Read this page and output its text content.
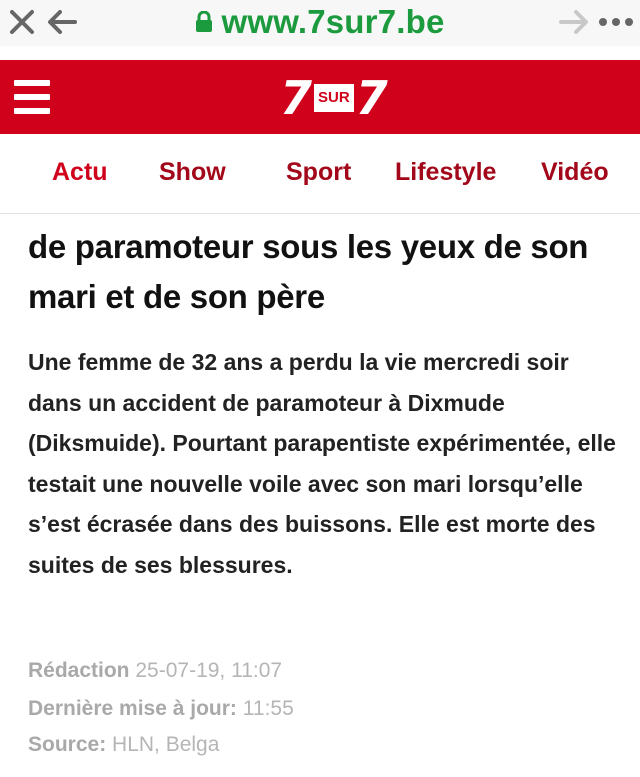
www.7sur7.be
7 SUR 7
Actu Show Sport Lifestyle Vidéo
de paramoteur sous les yeux de son mari et de son père

Une femme de 32 ans a perdu la vie mercredi soir dans un accident de paramoteur à Dixmude (Diksmuide). Pourtant parapentiste expérimentée, elle testait une nouvelle voile avec son mari lorsqu’elle s’est écrasée dans des buissons. Elle est morte des suites de ses blessures.

Rédaction 25-07-19, 11:07
Dernière mise à jour: 11:55
Source: HLN, Belga
